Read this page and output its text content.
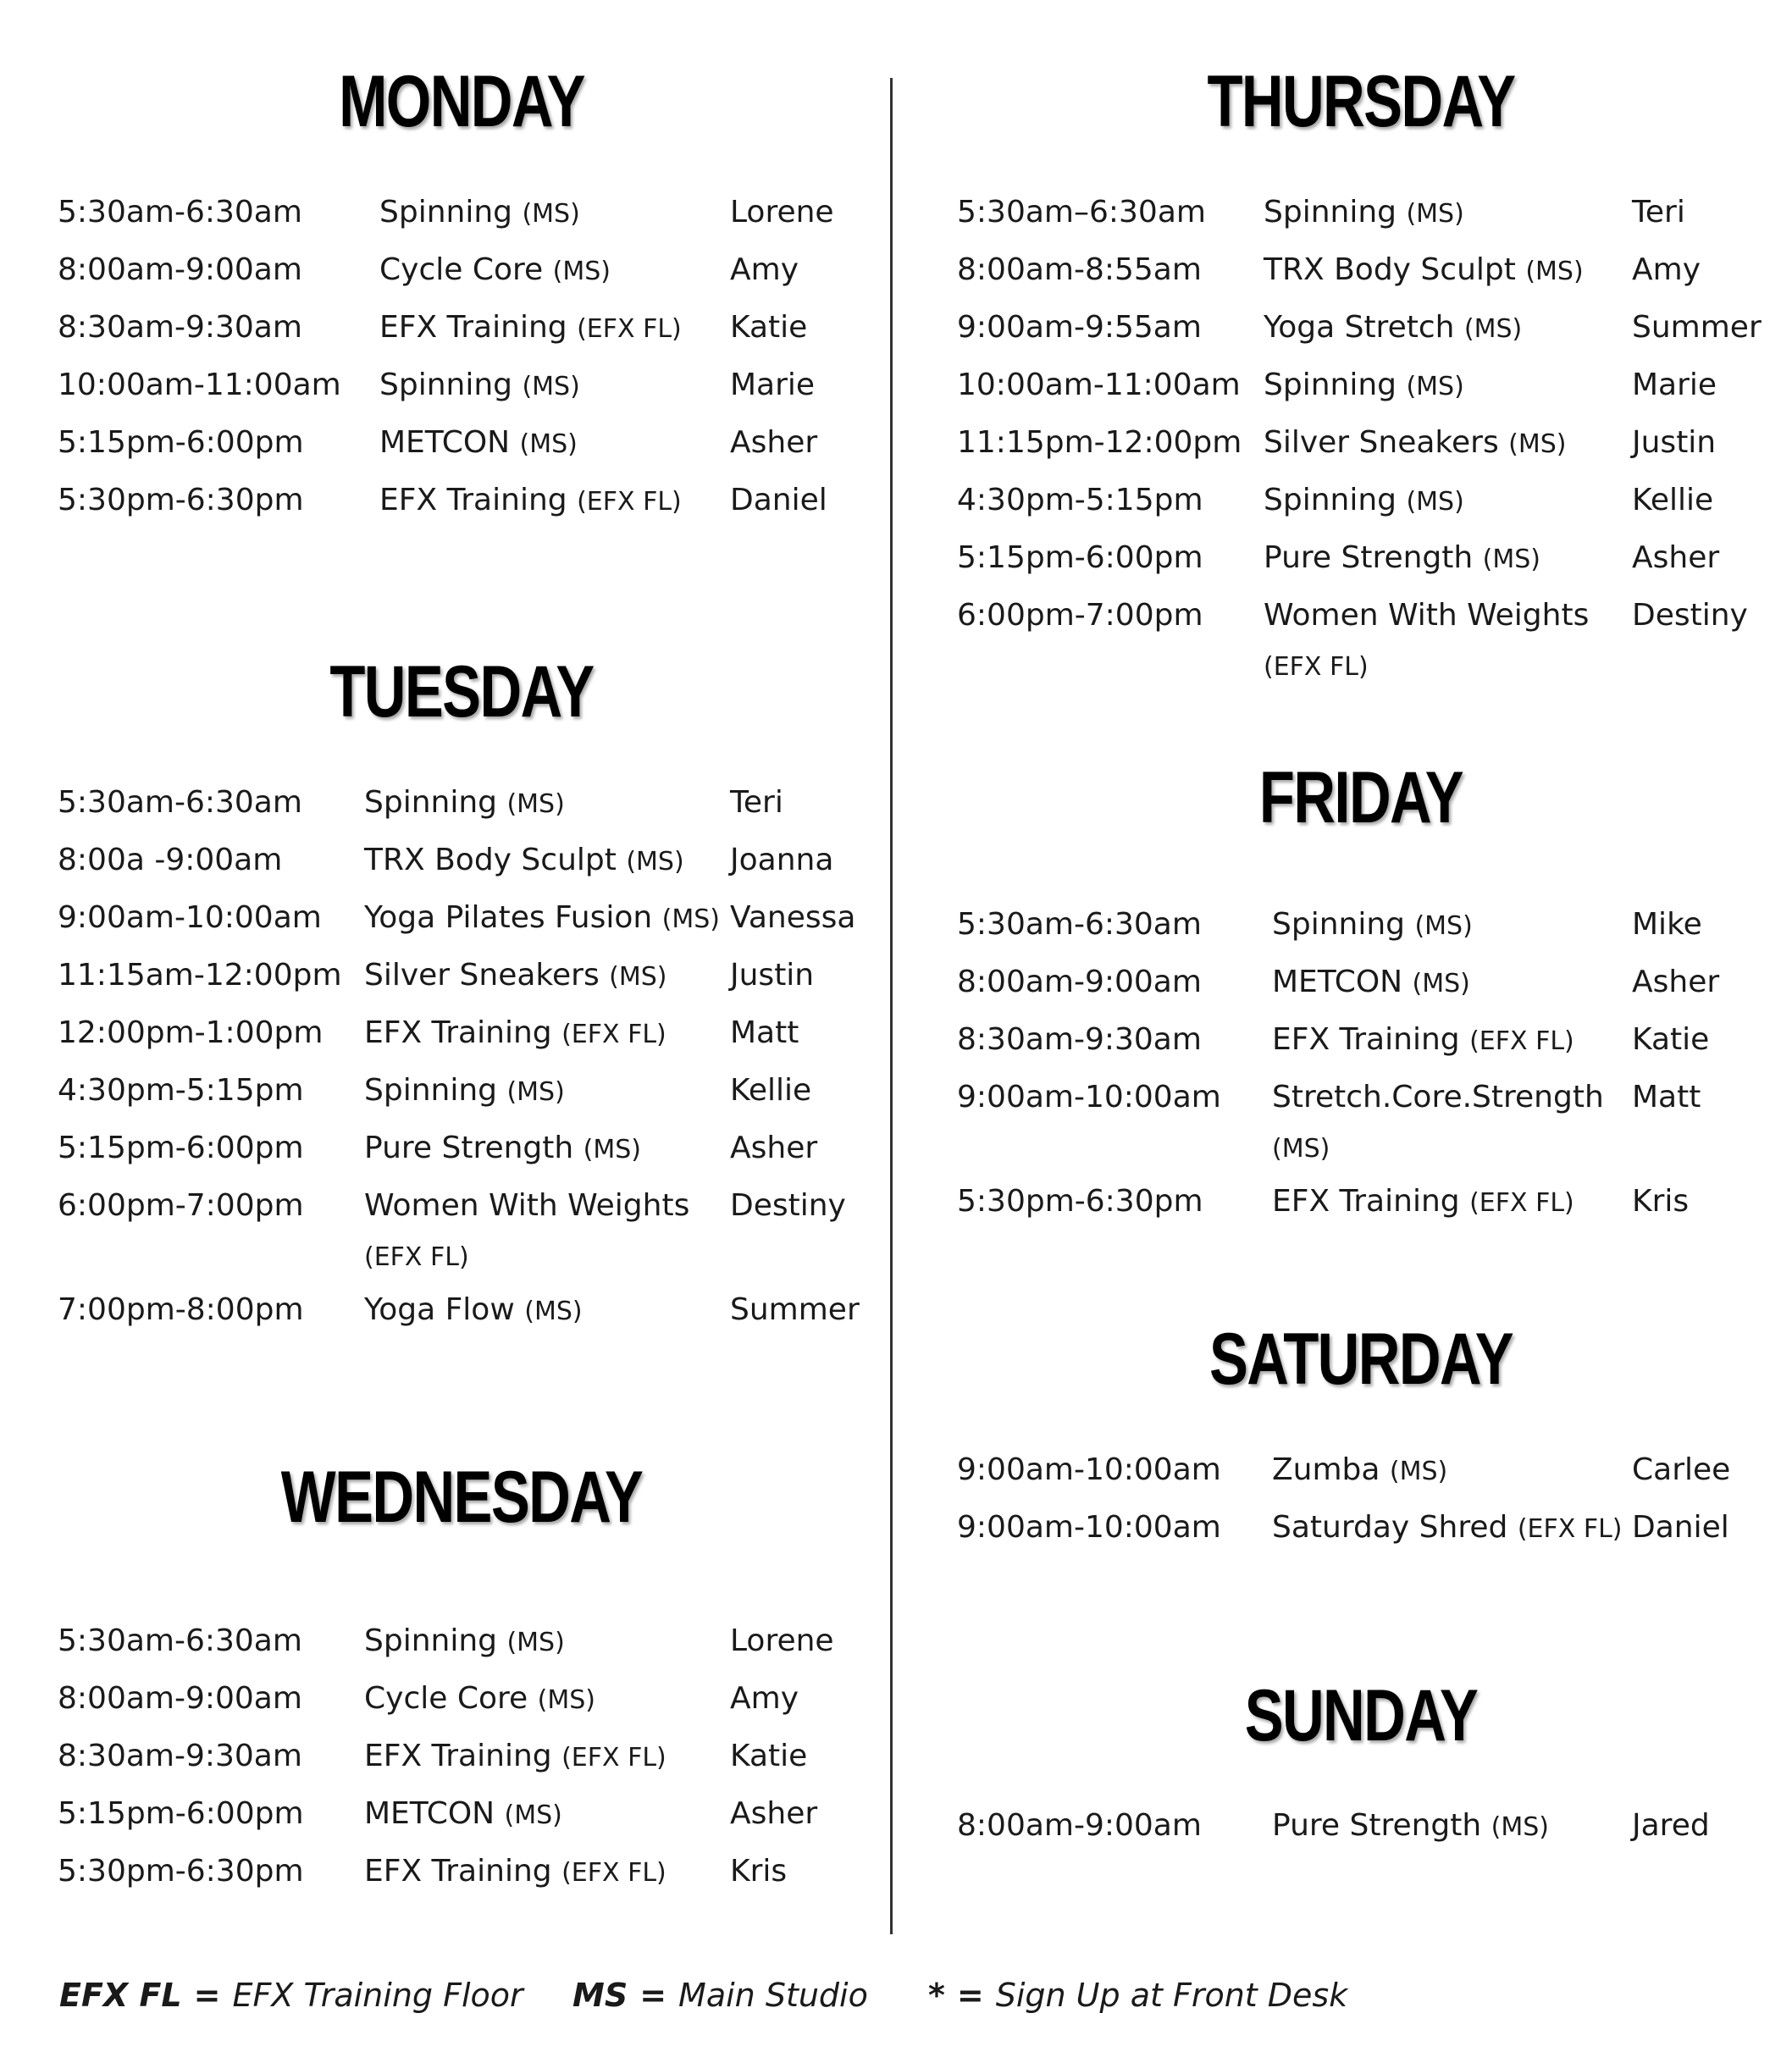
MONDAY
5:30am-6:30am	Spinning (MS)	Lorene
8:00am-9:00am	Cycle Core (MS)	Amy
8:30am-9:30am	EFX Training (EFX FL) Katie
10:00am-11:00am Spinning (MS)	Marie
5:15pm-6:00pm METCON (MS)	Asher
5:30pm-6:30pm EFX Training (EFX FL) Daniel
TUESDAY
5:30am-6:30am Spinning (MS)	Teri
8:00a -9:00am	TRX Body Sculpt (MS) Joanna
9:00am-10:00am Yoga Pilates Fusion (MS) Vanessa
11:15am-12:00pm Silver Sneakers (MS) Justin
12:00pm-1:00pm EFX Training (EFX FL) Matt
4:30pm-5:15pm Spinning (MS)	Kellie
5:15pm-6:00pm Pure Strength (MS)	Asher
6:00pm-7:00pm Women With Weights
(EFX FL)
Destiny
7:00pm-8:00pm Yoga Flow (MS)	Summer
WEDNESDAY
5:30am-6:30am Spinning (MS)	Lorene
8:00am-9:00am Cycle Core (MS)	Amy
8:30am-9:30am EFX Training (EFX FL) Katie
5:15pm-6:00pm METCON (MS)	Asher
5:30pm-6:30pm EFX Training (EFX FL) Kris
THURSDAY
5:30am–6:30am Spinning (MS)	Teri
8:00am-8:55am TRX Body Sculpt (MS) Amy
9:00am-9:55am Yoga Stretch (MS)	Summer
10:00am-11:00am Spinning (MS)	Marie
11:15pm-12:00pm Silver Sneakers (MS) Justin
4:30pm-5:15pm Spinning (MS)	Kellie
5:15pm-6:00pm Pure Strength (MS)	Asher
6:00pm-7:00pm Women With Weights
(EFX FL)
Destiny
FRIDAY
5:30am-6:30am Spinning (MS)	Mike
8:00am-9:00am METCON (MS)	Asher
8:30am-9:30am EFX Training (EFX FL) Katie
9:00am-10:00am Stretch.Core.Strength
(MS)
Matt
5:30pm-6:30pm EFX Training (EFX FL) Kris
SATURDAY
9:00am-10:00am Zumba (MS)	Carlee
9:00am-10:00am Saturday Shred (EFX FL) Daniel
SUNDAY
8:00am-9:00am Pure Strength (MS)	Jared
EFX FL = EFX Training Floor MS = Main Studio * = Sign Up at Front Desk
